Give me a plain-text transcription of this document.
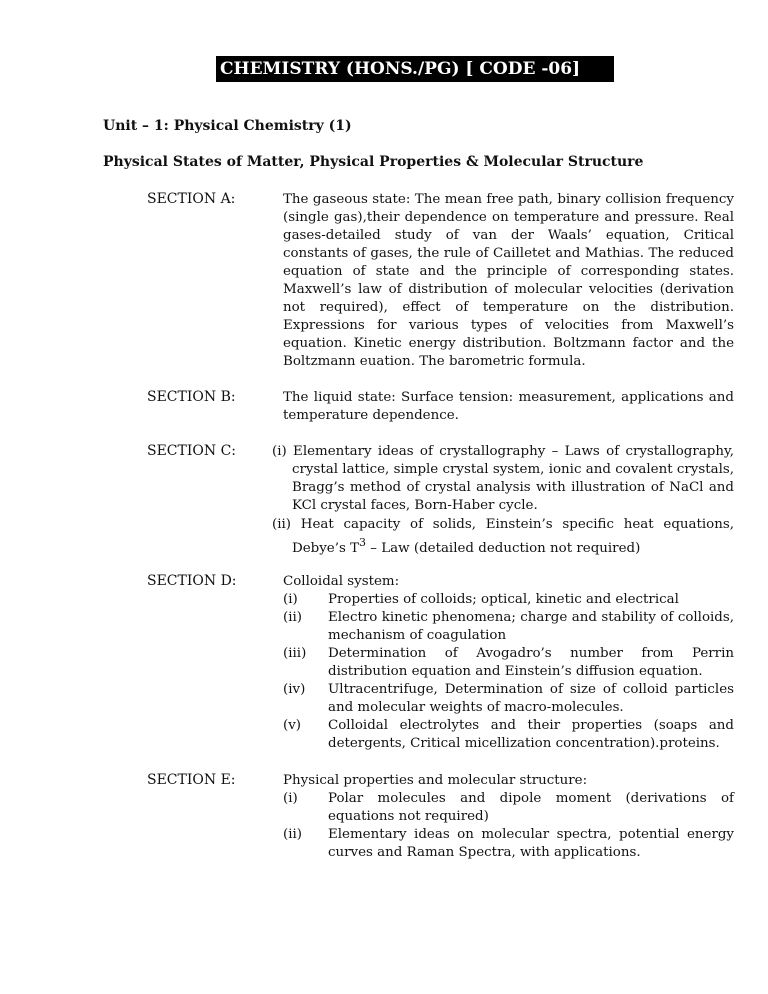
CHEMISTRY (HONS./PG) [ CODE -06]
Unit – 1: Physical Chemistry (1)
Physical States of Matter, Physical Properties & Molecular Structure
SECTION A:	The gaseous state: The mean free path, binary collision frequency (single gas),their dependence on temperature and pressure. Real gases-detailed study of van der Waals’ equation, Critical constants of gases, the rule of Cailletet and Mathias. The reduced equation of state and the principle of corresponding states. Maxwell’s law of distribution of molecular velocities (derivation not required), effect of temperature on the distribution. Expressions for various types of velocities from Maxwell’s equation. Kinetic energy distribution. Boltzmann factor and the Boltzmann euation. The barometric formula.

SECTION B:	The liquid state: Surface tension: measurement, applications and temperature dependence.

SECTION C:	(i) Elementary ideas of crystallography – Laws of crystallography, crystal lattice, simple crystal system, ionic and covalent crystals, Bragg’s method of crystal analysis with illustration of NaCl and KCl crystal faces, Born-Haber cycle.

(ii) Heat capacity of solids, Einstein’s specific heat equations, Debye’s $T^3$ – Law (detailed deduction not required)

SECTION D:	Colloidal system:

(i)	Properties of colloids; optical, kinetic and electrical
(ii)	Electro kinetic phenomena; charge and stability of colloids, mechanism of coagulation
(iii)	Determination of Avogadro’s number from Perrin distribution equation and Einstein’s diffusion equation.
(iv)	Ultracentrifuge, Determination of size of colloid particles and molecular weights of macro-molecules.
(v)	Colloidal electrolytes and their properties (soaps and detergents, Critical micellization concentration).proteins.
SECTION E:	Physical properties and molecular structure:

(i)	Polar molecules and dipole moment (derivations of equations not required)
(ii)	Elementary ideas on molecular spectra, potential energy curves and Raman Spectra, with applications.
